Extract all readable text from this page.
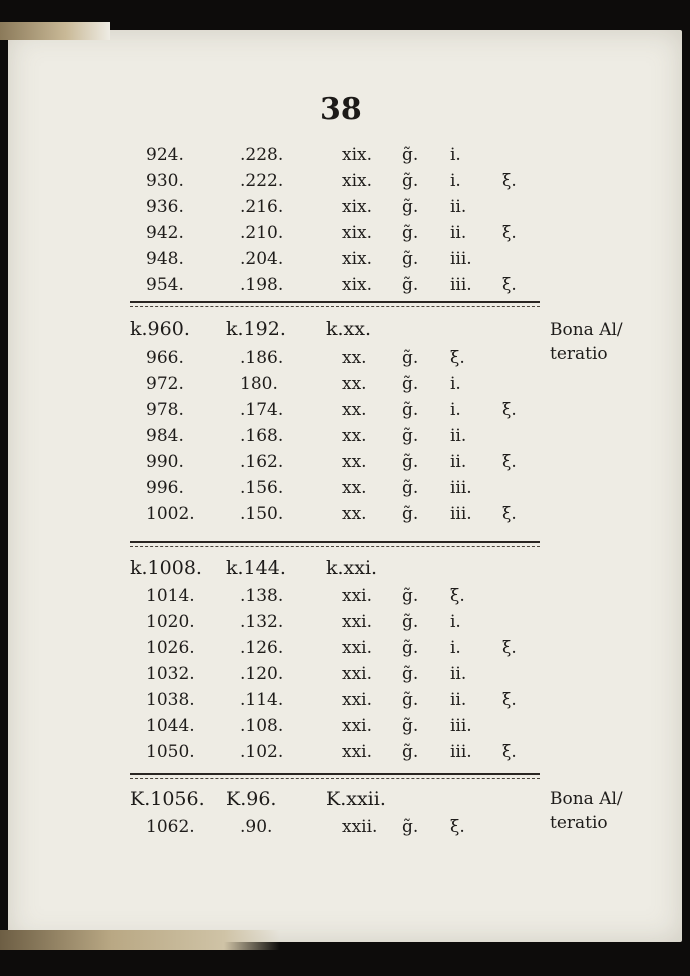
38
924.	.228.	xix. g̃. i.
930.	.222.	xix. g̃. i. ξ.
936.	.216.	xix. g̃. ii.
942.	.210.	xix. g̃. ii. ξ.
948.	.204.	xix. g̃. iii.
954.	.198.	xix. g̃. iii. ξ.
k.960. k.192. k.xx.
966.	.186.	xx. g̃. ξ.
972.	180.	xx. g̃. i.
978.	.174.	xx. g̃. i. ξ.
984.	.168.	xx. g̃. ii.
990.	.162.	xx. g̃. ii. ξ.
996.	.156.	xx. g̃. iii.
1002.	.150.	xx. g̃. iii. ξ.
k.1008. k.144. k.xxi.
1014.	.138.	xxi. g̃. ξ.
1020.	.132.	xxi. g̃. i.
1026.	.126.	xxi. g̃. i. ξ.
1032.	.120.	xxi. g̃. ii.
1038.	.114.	xxi. g̃. ii. ξ.
1044.	.108.	xxi. g̃. iii.
1050.	.102.	xxi. g̃. iii. ξ.
K.1056. K.96.	K.xxii.
1062.	.90.	xxii. g̃. ξ.
Bona Al/
teratio
Bona Al/
teratio
